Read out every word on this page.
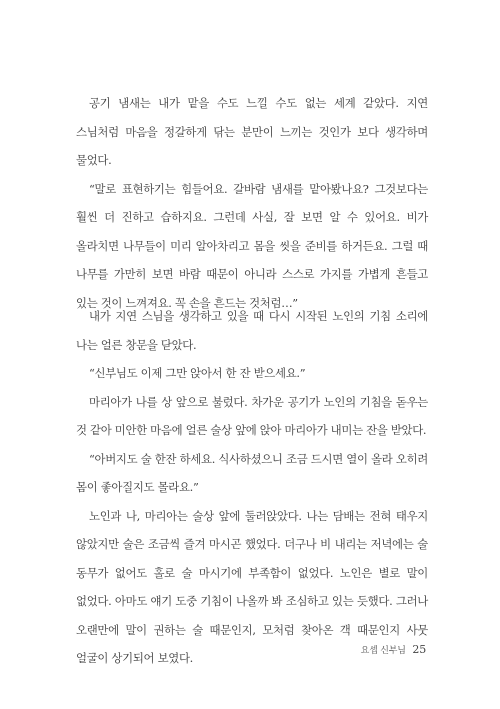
공기 냄새는 내가 맡을 수도 느낄 수도 없는 세계 같았다. 지연 스님처럼 마음을 정갈하게 닦는 분만이 느끼는 것인가 보다 생각하며 물었다.

“말로 표현하기는 힘들어요. 갈바람 냄새를 맡아봤나요? 그것보다는 훨씬 더 진하고 습하지요. 그런데 사실, 잘 보면 알 수 있어요. 비가 올라치면 나무들이 미리 알아차리고 몸을 씻을 준비를 하거든요. 그럴 때 나무를 가만히 보면 바람 때문이 아니라 스스로 가지를 가볍게 흔들고 있는 것이 느껴져요. 꼭 손을 흔드는 것처럼…”

내가 지연 스님을 생각하고 있을 때 다시 시작된 노인의 기침 소리에 나는 얼른 창문을 닫았다.

“신부님도 이제 그만 앉아서 한 잔 받으세요.”

마리아가 나를 상 앞으로 불렀다. 차가운 공기가 노인의 기침을 돋우는 것 같아 미안한 마음에 얼른 술상 앞에 앉아 마리아가 내미는 잔을 받았다.

“아버지도 술 한잔 하세요. 식사하셨으니 조금 드시면 열이 올라 오히려 몸이 좋아질지도 몰라요.”

노인과 나, 마리아는 술상 앞에 둘러앉았다. 나는 담배는 전혀 태우지 않았지만 술은 조금씩 즐겨 마시곤 했었다. 더구나 비 내리는 저녁에는 술 동무가 없어도 홀로 술 마시기에 부족함이 없었다. 노인은 별로 말이 없었다. 아마도 얘기 도중 기침이 나올까 봐 조심하고 있는 듯했다. 그러나 오랜만에 말이 권하는 술 때문인지, 모처럼 찾아온 객 때문인지 사뭇 얼굴이 상기되어 보였다.	요셉 신부님 25
